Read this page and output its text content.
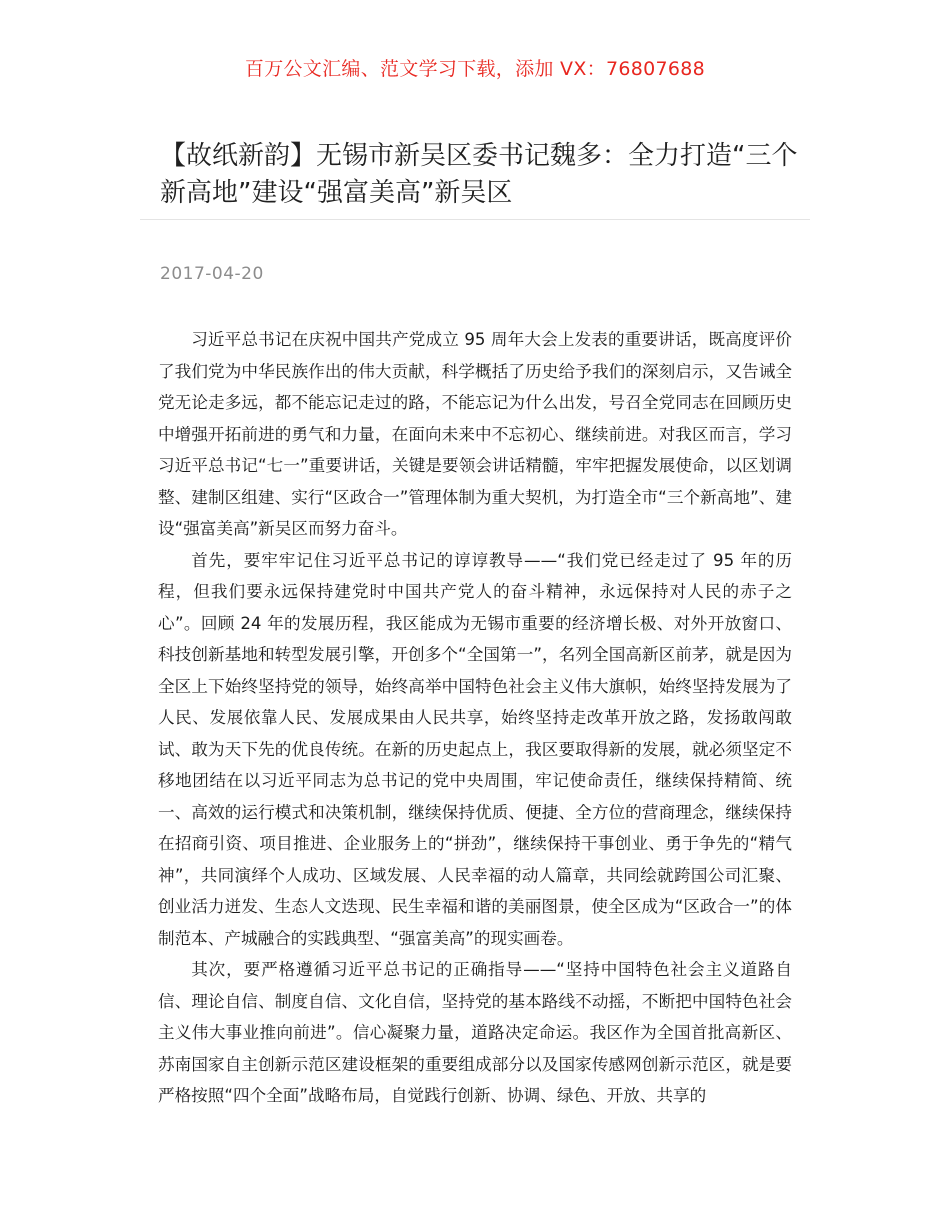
百万公文汇编、范文学习下载，添加 VX：76807688
【故纸新韵】无锡市新吴区委书记魏多：全力打造“三个新高地”建设“强富美高”新吴区
2017-04-20

习近平总书记在庆祝中国共产党成立 95 周年大会上发表的重要讲话，既高度评价了我们党为中华民族作出的伟大贡献，科学概括了历史给予我们的深刻启示，又告诫全党无论走多远，都不能忘记走过的路，不能忘记为什么出发，号召全党同志在回顾历史中增强开拓前进的勇气和力量，在面向未来中不忘初心、继续前进。对我区而言，学习习近平总书记“七一”重要讲话，关键是要领会讲话精髓，牢牢把握发展使命，以区划调整、建制区组建、实行“区政合一”管理体制为重大契机，为打造全市“三个新高地”、建设“强富美高”新吴区而努力奋斗。

首先，要牢牢记住习近平总书记的谆谆教导——“我们党已经走过了 95 年的历程，但我们要永远保持建党时中国共产党人的奋斗精神，永远保持对人民的赤子之心”。回顾 24 年的发展历程，我区能成为无锡市重要的经济增长极、对外开放窗口、科技创新基地和转型发展引擎，开创多个“全国第一”，名列全国高新区前茅，就是因为全区上下始终坚持党的领导，始终高举中国特色社会主义伟大旗帜，始终坚持发展为了人民、发展依靠人民、发展成果由人民共享，始终坚持走改革开放之路，发扬敢闯敢试、敢为天下先的优良传统。在新的历史起点上，我区要取得新的发展，就必须坚定不移地团结在以习近平同志为总书记的党中央周围，牢记使命责任，继续保持精简、统一、高效的运行模式和决策机制，继续保持优质、便捷、全方位的营商理念，继续保持在招商引资、项目推进、企业服务上的“拼劲”，继续保持干事创业、勇于争先的“精气神”，共同演绎个人成功、区域发展、人民幸福的动人篇章，共同绘就跨国公司汇聚、创业活力迸发、生态人文迭现、民生幸福和谐的美丽图景，使全区成为“区政合一”的体制范本、产城融合的实践典型、“强富美高”的现实画卷。

其次，要严格遵循习近平总书记的正确指导——“坚持中国特色社会主义道路自信、理论自信、制度自信、文化自信，坚持党的基本路线不动摇，不断把中国特色社会主义伟大事业推向前进”。信心凝聚力量，道路决定命运。我区作为全国首批高新区、苏南国家自主创新示范区建设框架的重要组成部分以及国家传感网创新示范区，就是要严格按照“四个全面”战略布局，自觉践行创新、协调、绿色、开放、共享的
